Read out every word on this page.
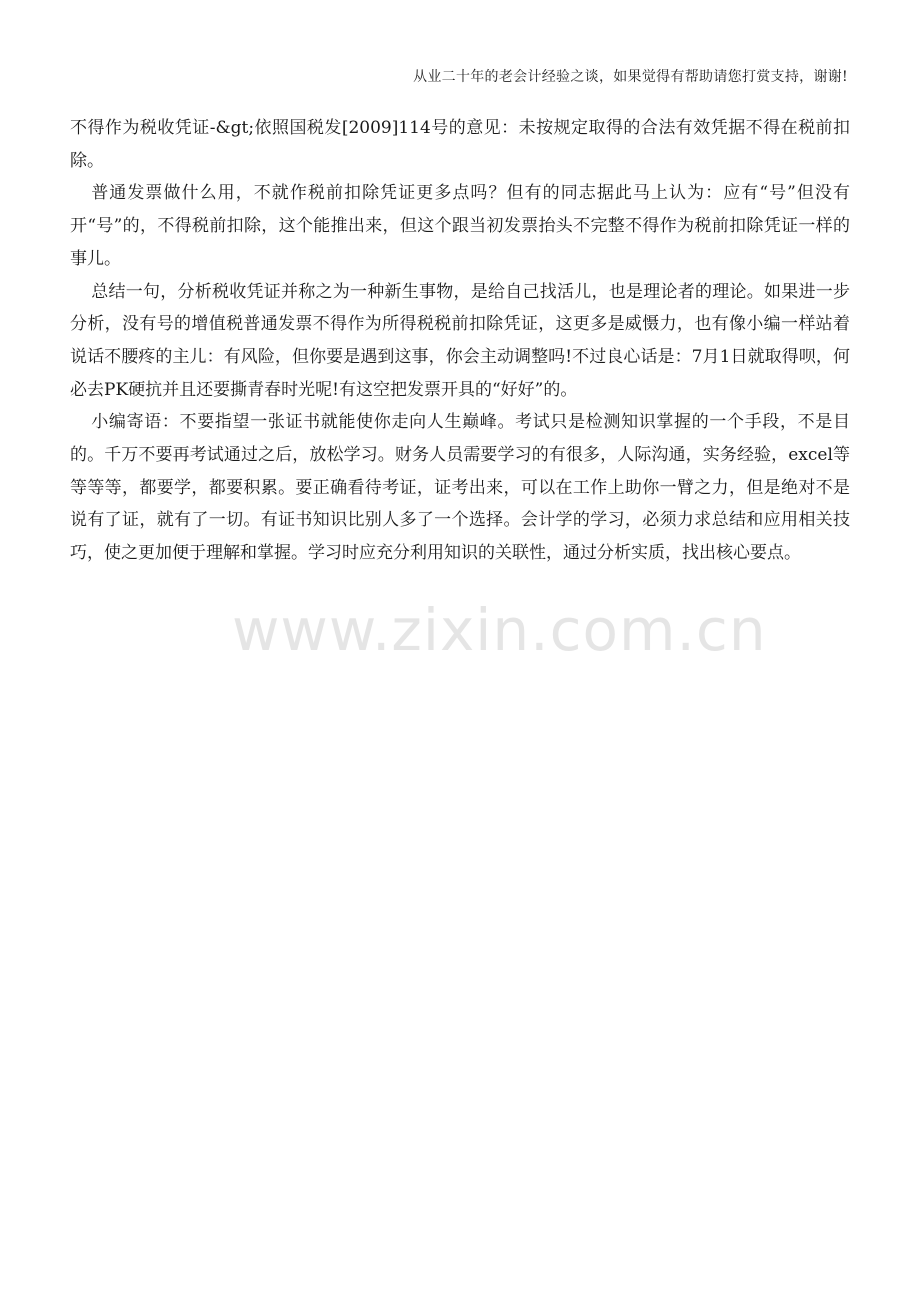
从业二十年的老会计经验之谈，如果觉得有帮助请您打赏支持，谢谢!

不得作为税收凭证-&gt;依照国税发[2009]114号的意见：未按规定取得的合法有效凭据不得在税前扣除。

普通发票做什么用，不就作税前扣除凭证更多点吗？但有的同志据此马上认为：应有“号”但没有开“号”的，不得税前扣除，这个能推出来，但这个跟当初发票抬头不完整不得作为税前扣除凭证一样的事儿。

总结一句，分析税收凭证并称之为一种新生事物，是给自己找活儿，也是理论者的理论。如果进一步分析，没有号的增值税普通发票不得作为所得税税前扣除凭证，这更多是威慑力，也有像小编一样站着说话不腰疼的主儿：有风险，但你要是遇到这事，你会主动调整吗!不过良心话是：7月1日就取得呗，何必去PK硬抗并且还要撕青春时光呢!有这空把发票开具的“好好”的。

小编寄语：不要指望一张证书就能使你走向人生巅峰。考试只是检测知识掌握的一个手段，不是目的。千万不要再考试通过之后，放松学习。财务人员需要学习的有很多，人际沟通，实务经验，excel等等等等，都要学，都要积累。要正确看待考证，证考出来，可以在工作上助你一臂之力，但是绝对不是说有了证，就有了一切。有证书知识比别人多了一个选择。会计学的学习，必须力求总结和应用相关技巧，使之更加便于理解和掌握。学习时应充分利用知识的关联性，通过分析实质，找出核心要点。

www.zixin.com.cn
